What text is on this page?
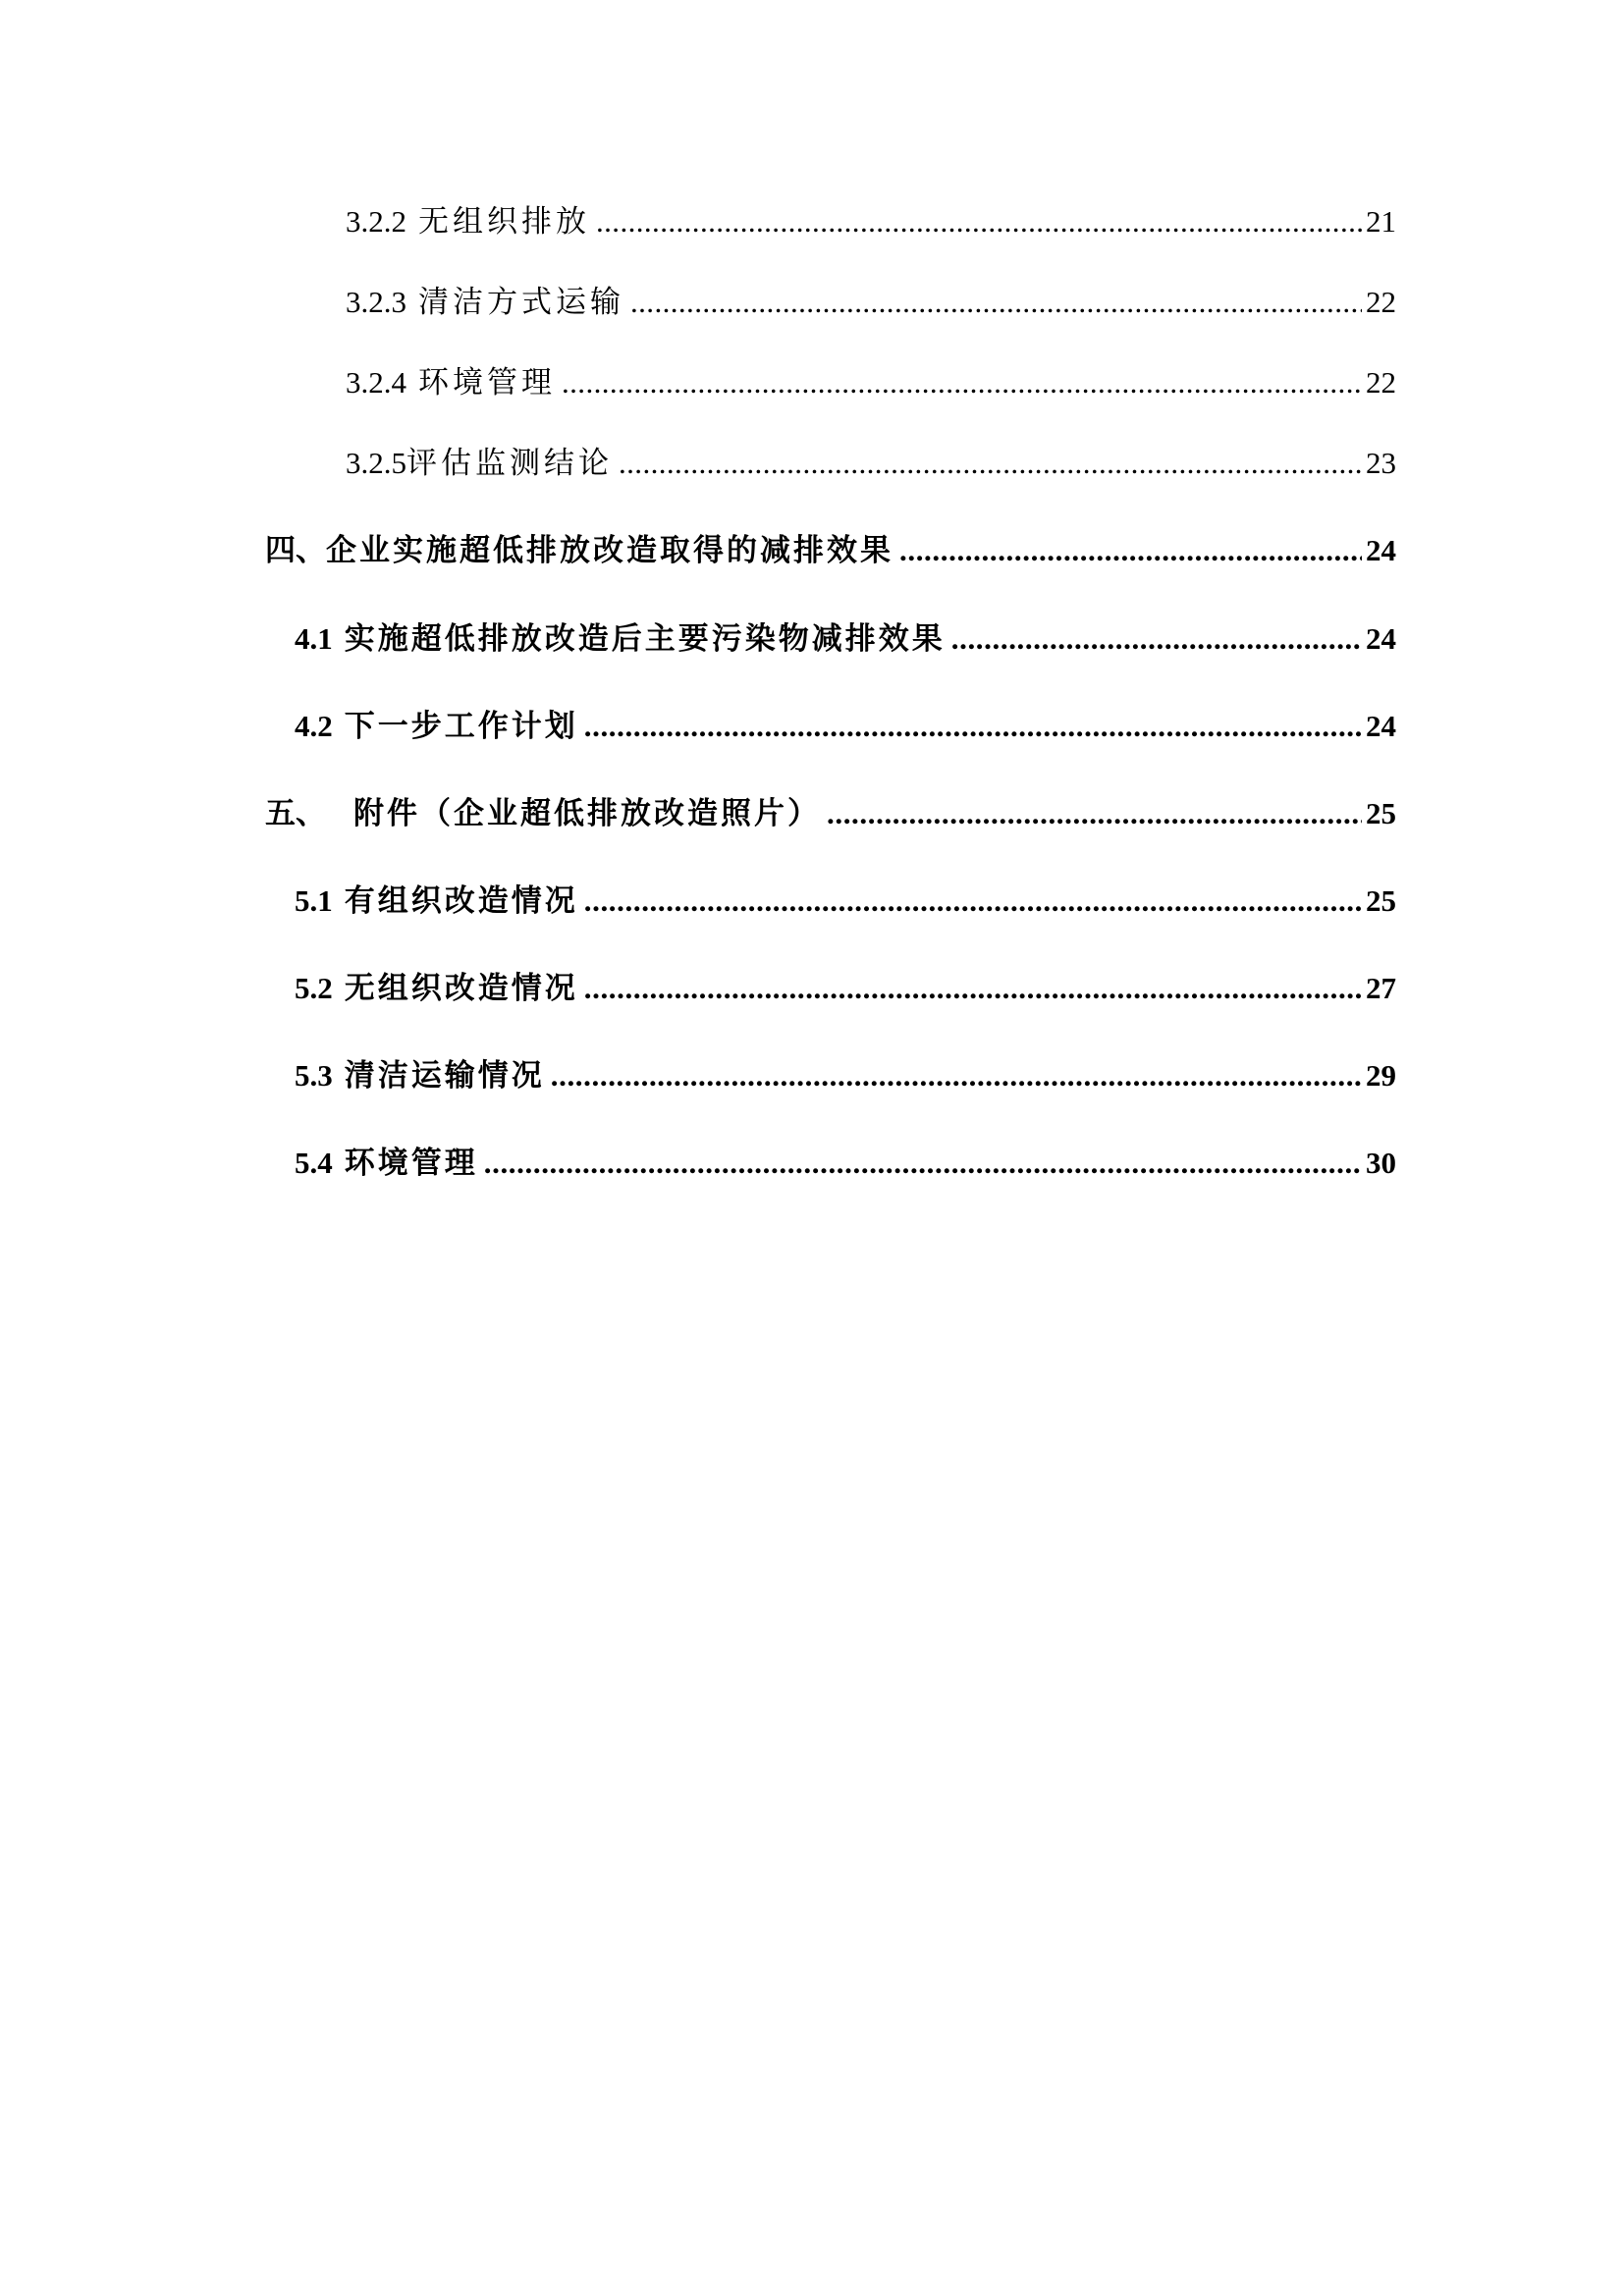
3.2.2 无组织排放 .....	21
3.2.3 清洁方式运输 .....	22
3.2.4 环境管理 .....	22
3.2.5 评估监测结论 .....	23
四、 企业实施超低排放改造取得的减排效果 .....	24
4.1 实施超低排放改造后主要污染物减排效果 .....	24
4.2 下一步工作计划 .....	24
五、 附件（企业超低排放改造照片） .....	25
5.1 有组织改造情况 .....	25
5.2 无组织改造情况 .....	27
5.3 清洁运输情况 .....	29
5.4 环境管理 .....	30
